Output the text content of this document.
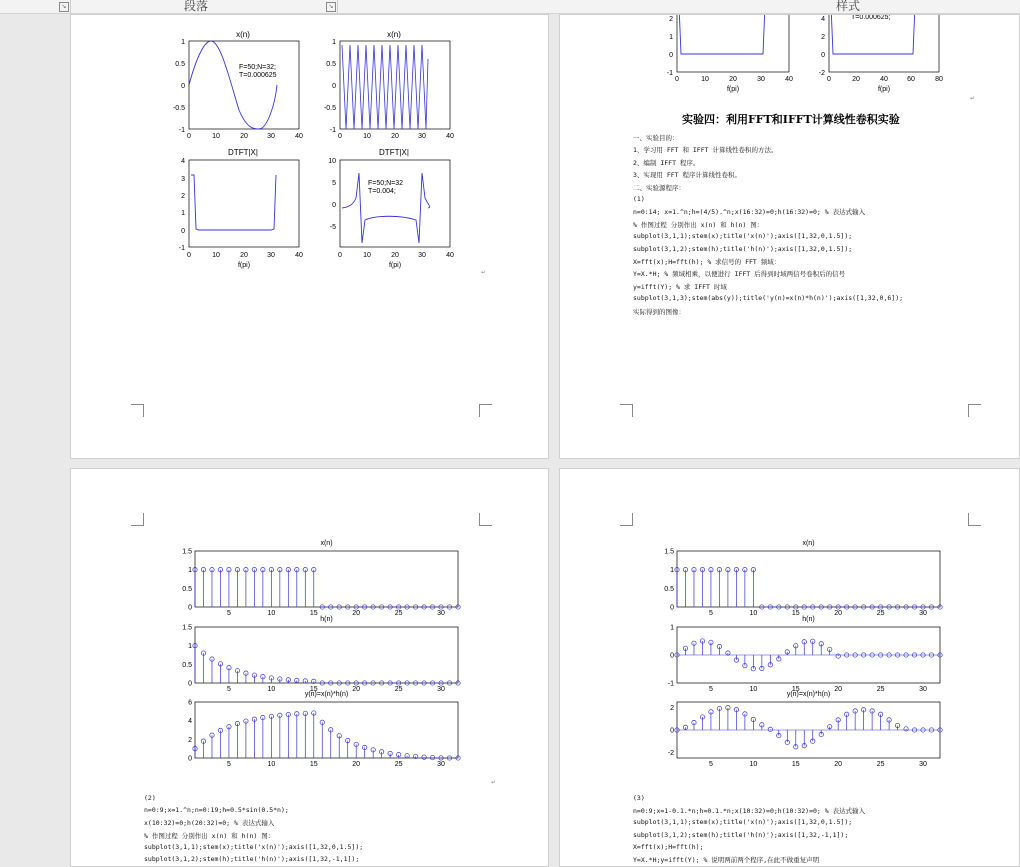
段落
↘	↘	样式
x(n)
1
0.5
0
-0.5
-1
0	10	20	30	40
F=50;N=32;
T=0.000625
x(n)
1
0.5
0
-0.5
-1
0	10	20	30	40
DTFT|X|
4
3
2
1
0
-1
0	10	20	30	40
f(pi)
DTFT|X|
10
5
0
-5
0	10	20	30	40
f(pi)
F=50;N=32
T=0.004;
↵
2
1
0
-1
0	10	20	30	40
f(pi)
4
2
0
-2
0	20	40	60	80
f(pi)
T=0.000625;
↵
实验四：利用FFT和IFFT计算线性卷积实验
一、实验目的：
1、学习用 FFT 和 IFFT 计算线性卷积的方法。
2、编制 IFFT 程序。
3、实现用 FFT 程序计算线性卷积。
二、实验源程序：
(1)
n=0:14; x=1.^n;h=(4/5).^n;x(16:32)=0;h(16:32)=0; % 表达式输入
% 作图过程 分别作出 x(n) 和 h(n) 图：
subplot(3,1,1);stem(x);title('x(n)');axis([1,32,0,1.5]);
subplot(3,1,2);stem(h);title('h(n)');axis([1,32,0,1.5]);
X=fft(x);H=fft(h); % 求信号的 FFT 频域：
Y=X.*H; % 频域相乘，以便进行 IFFT 后得到时域两信号卷积后的信号
y=ifft(Y); % 求 IFFT 时域
subplot(3,1,3);stem(abs(y));title('y(n)=x(n)*h(n)');axis([1,32,0,6]);
实际得到的图像：
x(n)
1.5
1
0.5
0
5	10	15	20	25	30
h(n)
1.5
1
0.5
0
5	10	15	20	25	30
y(n)=x(n)*h(n)
6
4
2
0
5	10	15	20	25	30
↵
(2)
n=0:9;x=1.^n;n=0:19;h=0.5*sin(0.5*n);
x(10:32)=0;h(20:32)=0; % 表达式输入
% 作图过程 分别作出 x(n) 和 h(n) 图：
subplot(3,1,1);stem(x);title('x(n)');axis([1,32,0,1.5]);
subplot(3,1,2);stem(h);title('h(n)');axis([1,32,-1,1]);
x(n)
1.5
1
0.5
0
5	10	15	20	25	30
h(n)
1
0
-1
5	10	15	20	25	30
y(n)=x(n)*h(n)
2
0
-2
5	10	15	20	25	30
(3)
n=0:9;x=1-0.1.*n;h=0.1.*n;x(10:32)=0;h(10:32)=0; % 表达式输入
subplot(3,1,1);stem(x);title('x(n)');axis([1,32,0,1.5]);
subplot(3,1,2);stem(h);title('h(n)');axis([1,32,-1,1]);
X=fft(x);H=fft(h);
Y=X.*H;y=ifft(Y); % 说明两前两个程序,在此不做重复声明
